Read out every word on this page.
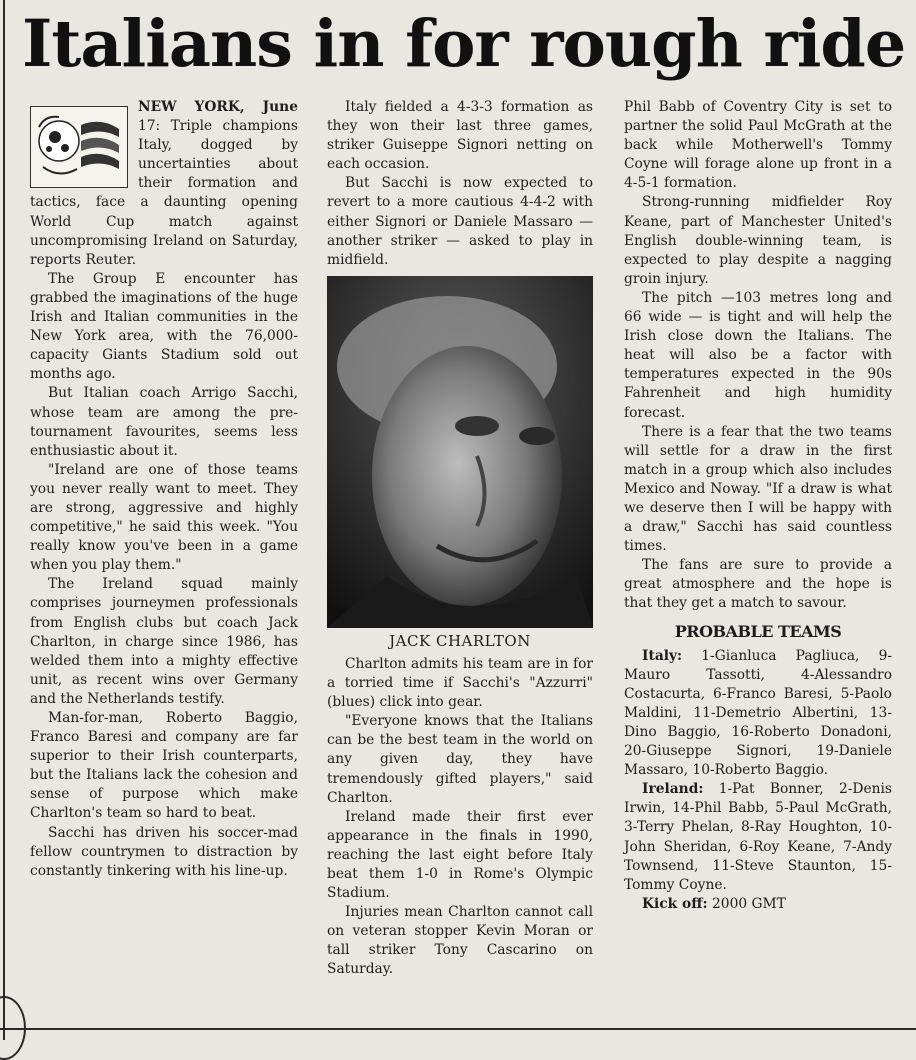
Italians in for rough ride

NEW YORK, June 17: Triple champions Italy, dogged by uncertainties about their formation and tactics, face a daunting opening World Cup match against uncompromising Ireland on Saturday, reports Reuter.

The Group E encounter has grabbed the imaginations of the huge Irish and Italian communities in the New York area, with the 76,000-capacity Giants Stadium sold out months ago.

But Italian coach Arrigo Sacchi, whose team are among the pre-tournament favourites, seems less enthusiastic about it.

"Ireland are one of those teams you never really want to meet. They are strong, aggressive and highly competitive," he said this week. "You really know you've been in a game when you play them."

The Ireland squad mainly comprises journeymen professionals from English clubs but coach Jack Charlton, in charge since 1986, has welded them into a mighty effective unit, as recent wins over Germany and the Netherlands testify.

Man-for-man, Roberto Baggio, Franco Baresi and company are far superior to their Irish counterparts, but the Italians lack the cohesion and sense of purpose which make Charlton's team so hard to beat.

Sacchi has driven his soccer-mad fellow countrymen to distraction by constantly tinkering with his line-up.

Italy fielded a 4-3-3 formation as they won their last three games, striker Guiseppe Signori netting on each occasion.

But Sacchi is now expected to revert to a more cautious 4-4-2 with either Signori or Daniele Massaro — another striker — asked to play in midfield.

JACK CHARLTON

Charlton admits his team are in for a torried time if Sacchi's "Azzurri" (blues) click into gear.

"Everyone knows that the Italians can be the best team in the world on any given day, they have tremendously gifted players," said Charlton.

Ireland made their first ever appearance in the finals in 1990, reaching the last eight before Italy beat them 1-0 in Rome's Olympic Stadium.

Injuries mean Charlton cannot call on veteran stopper Kevin Moran or tall striker Tony Cascarino on Saturday.

Phil Babb of Coventry City is set to partner the solid Paul McGrath at the back while Motherwell's Tommy Coyne will forage alone up front in a 4-5-1 formation.

Strong-running midfielder Roy Keane, part of Manchester United's English double-winning team, is expected to play despite a nagging groin injury.

The pitch —103 metres long and 66 wide — is tight and will help the Irish close down the Italians. The heat will also be a factor with temperatures expected in the 90s Fahrenheit and high humidity forecast.

There is a fear that the two teams will settle for a draw in the first match in a group which also includes Mexico and Noway. "If a draw is what we deserve then I will be happy with a draw," Sacchi has said countless times.

The fans are sure to provide a great atmosphere and the hope is that they get a match to savour.

PROBABLE TEAMS

Italy: 1-Gianluca Pagliuca, 9-Mauro Tassotti, 4-Alessandro Costacurta, 6-Franco Baresi, 5-Paolo Maldini, 11-Demetrio Albertini, 13-Dino Baggio, 16-Roberto Donadoni, 20-Giuseppe Signori, 19-Daniele Massaro, 10-Roberto Baggio.

Ireland: 1-Pat Bonner, 2-Denis Irwin, 14-Phil Babb, 5-Paul McGrath, 3-Terry Phelan, 8-Ray Houghton, 10-John Sheridan, 6-Roy Keane, 7-Andy Townsend, 11-Steve Staunton, 15-Tommy Coyne.

Kick off: 2000 GMT
